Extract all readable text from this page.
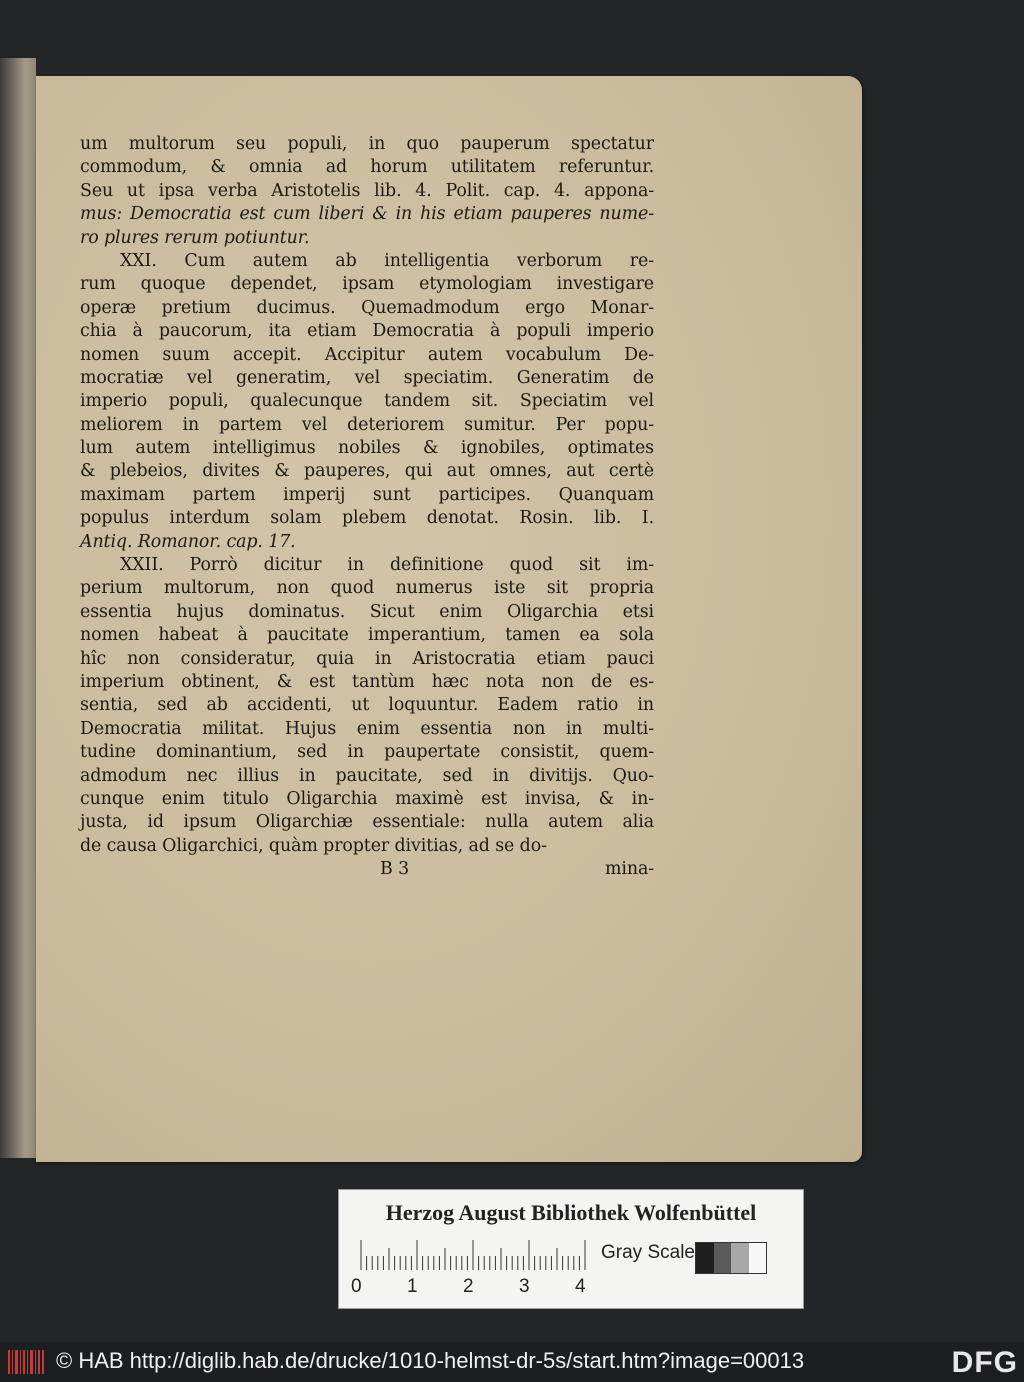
um multorum seu populi, in quo pauperum spectatur
commodum, & omnia ad horum utilitatem referuntur.
Seu ut ipsa verba Aristotelis lib. 4. Polit. cap. 4. appona-
mus: Democratia est cum liberi & in his etiam pauperes nume-
ro plures rerum potiuntur.
XXI. Cum autem ab intelligentia verborum re-
rum quoque dependet, ipsam etymologiam investigare
operæ pretium ducimus. Quemadmodum ergo Monar-
chia à paucorum, ita etiam Democratia à populi imperio
nomen suum accepit. Accipitur autem vocabulum De-
mocratiæ vel generatim, vel speciatim. Generatim de
imperio populi, qualecunque tandem sit. Speciatim vel
meliorem in partem vel deteriorem sumitur. Per popu-
lum autem intelligimus nobiles & ignobiles, optimates
& plebeios, divites & pauperes, qui aut omnes, aut certè
maximam partem imperij sunt participes. Quanquam
populus interdum solam plebem denotat. Rosin. lib. I.
Antiq. Romanor. cap. 17.
XXII. Porrò dicitur in definitione quod sit im-
perium multorum, non quod numerus iste sit propria
essentia hujus dominatus. Sicut enim Oligarchia etsi
nomen habeat à paucitate imperantium, tamen ea sola
hîc non consideratur, quia in Aristocratia etiam pauci
imperium obtinent, & est tantùm hæc nota non de es-
sentia, sed ab accidenti, ut loquuntur. Eadem ratio in
Democratia militat. Hujus enim essentia non in multi-
tudine dominantium, sed in paupertate consistit, quem-
admodum nec illius in paucitate, sed in divitijs. Quo-
cunque enim titulo Oligarchia maximè est invisa, & in-
justa, id ipsum Oligarchiæ essentiale: nulla autem alia
de causa Oligarchici, quàm propter divitias, ad se do-
B 3	mina-
Herzog August Bibliothek Wolfenbüttel
0 1 2 3 4
Gray Scale
© HAB http://diglib.hab.de/drucke/1010-helmst-dr-5s/start.htm?image=00013	DFG
